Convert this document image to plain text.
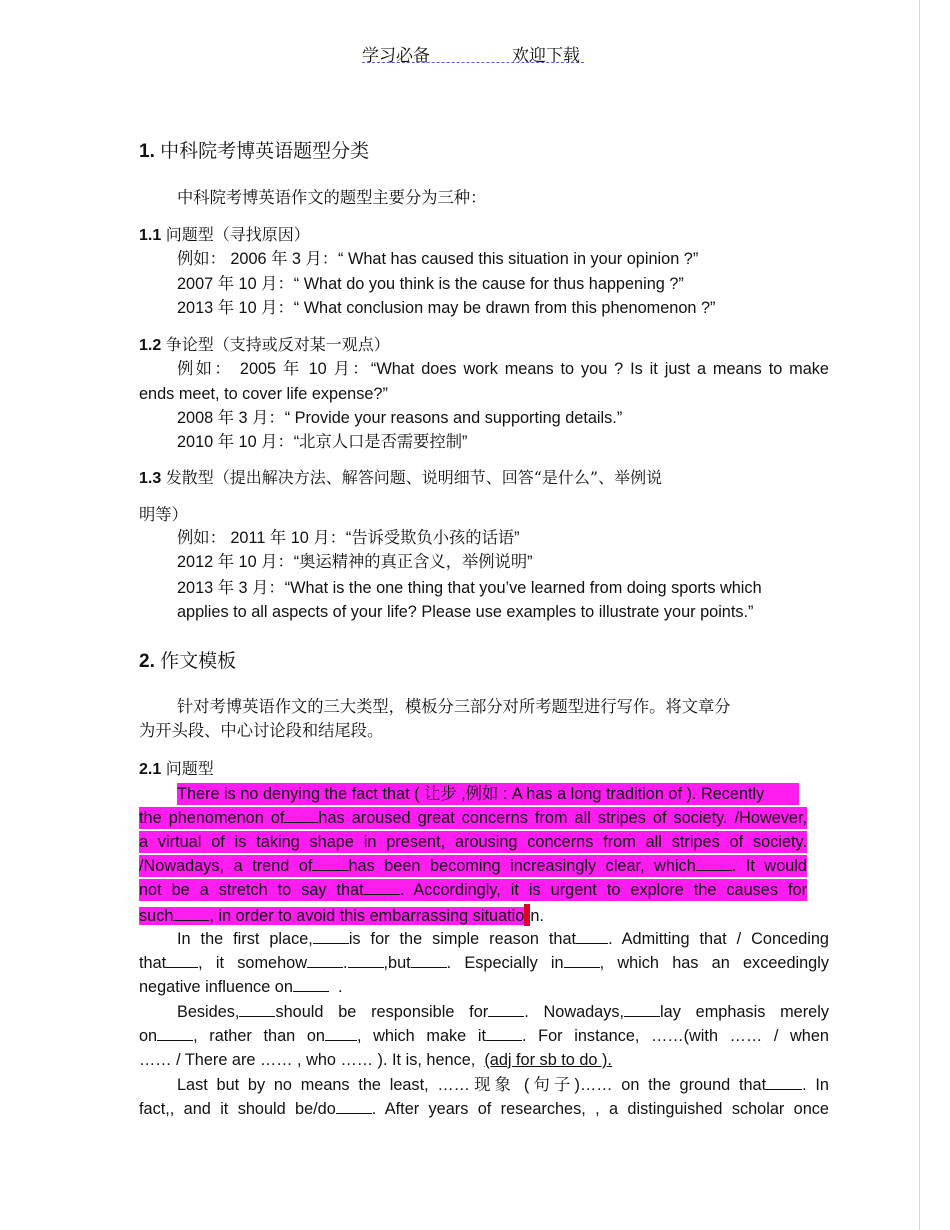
学习必备	欢迎下载
1. 中科院考博英语题型分类
中科院考博英语作文的题型主要分为三种：
1.1 问题型（寻找原因）
例如： 2006 年 3 月：“ What has caused this situation in your opinion ?”
2007 年 10 月：“ What do you think is the cause for thus happening ?”
2013 年 10 月：“ What conclusion may be drawn from this phenomenon ?”
1.2 争论型（支持或反对某一观点）
例如： 2005 年 10 月：“What does work means to you ? Is it just a means to make
ends meet, to cover life expense?”
2008 年 3 月：“ Provide your reasons and supporting details.”
2010 年 10 月：“北京人口是否需要控制”
1.3 发散型（提出解决方法、解答问题、说明细节、回答“是什么”、举例说
明等）
例如： 2011 年 10 月：“告诉受欺负小孩的话语”
2012 年 10 月：“奥运精神的真正含义，举例说明”
2013 年 3 月：“What is the one thing that you’ve learned from doing sports which
applies to all aspects of your life? Please use examples to illustrate your points.”
2. 作文模板
针对考博英语作文的三大类型，模板分三部分对所考题型进行写作。将文章分
为开头段、中心讨论段和结尾段。
2.1 问题型
There is no denying the fact that ( 让步 ,例如 : A has a long tradition of ). Recently
the phenomenon of has aroused great concerns from all stripes of society. /However,
a virtual of is taking shape in present, arousing concerns from all stripes of society.
/Nowadays, a trend of has been becoming increasingly clear, which . It would
not be a stretch to say that . Accordingly, it is urgent to explore the causes for
such , in order to avoid this embarrassing situatio n.
In the first place, is for the simple reason that . Admitting that / Conceding
that , it somehow . ,but . Especially in , which has an exceedingly
negative influence on	.
Besides, should be responsible for . Nowadays, lay emphasis merely
on , rather than on , which make it . For instance, ……(with …… / when
…… / There are …… , who …… ). It is, hence, (adj for sb to do ).
Last but by no means the least, ……现象 (句子)…… on the ground that . In
fact,, and it should be/do . After years of researches, , a distinguished scholar once
